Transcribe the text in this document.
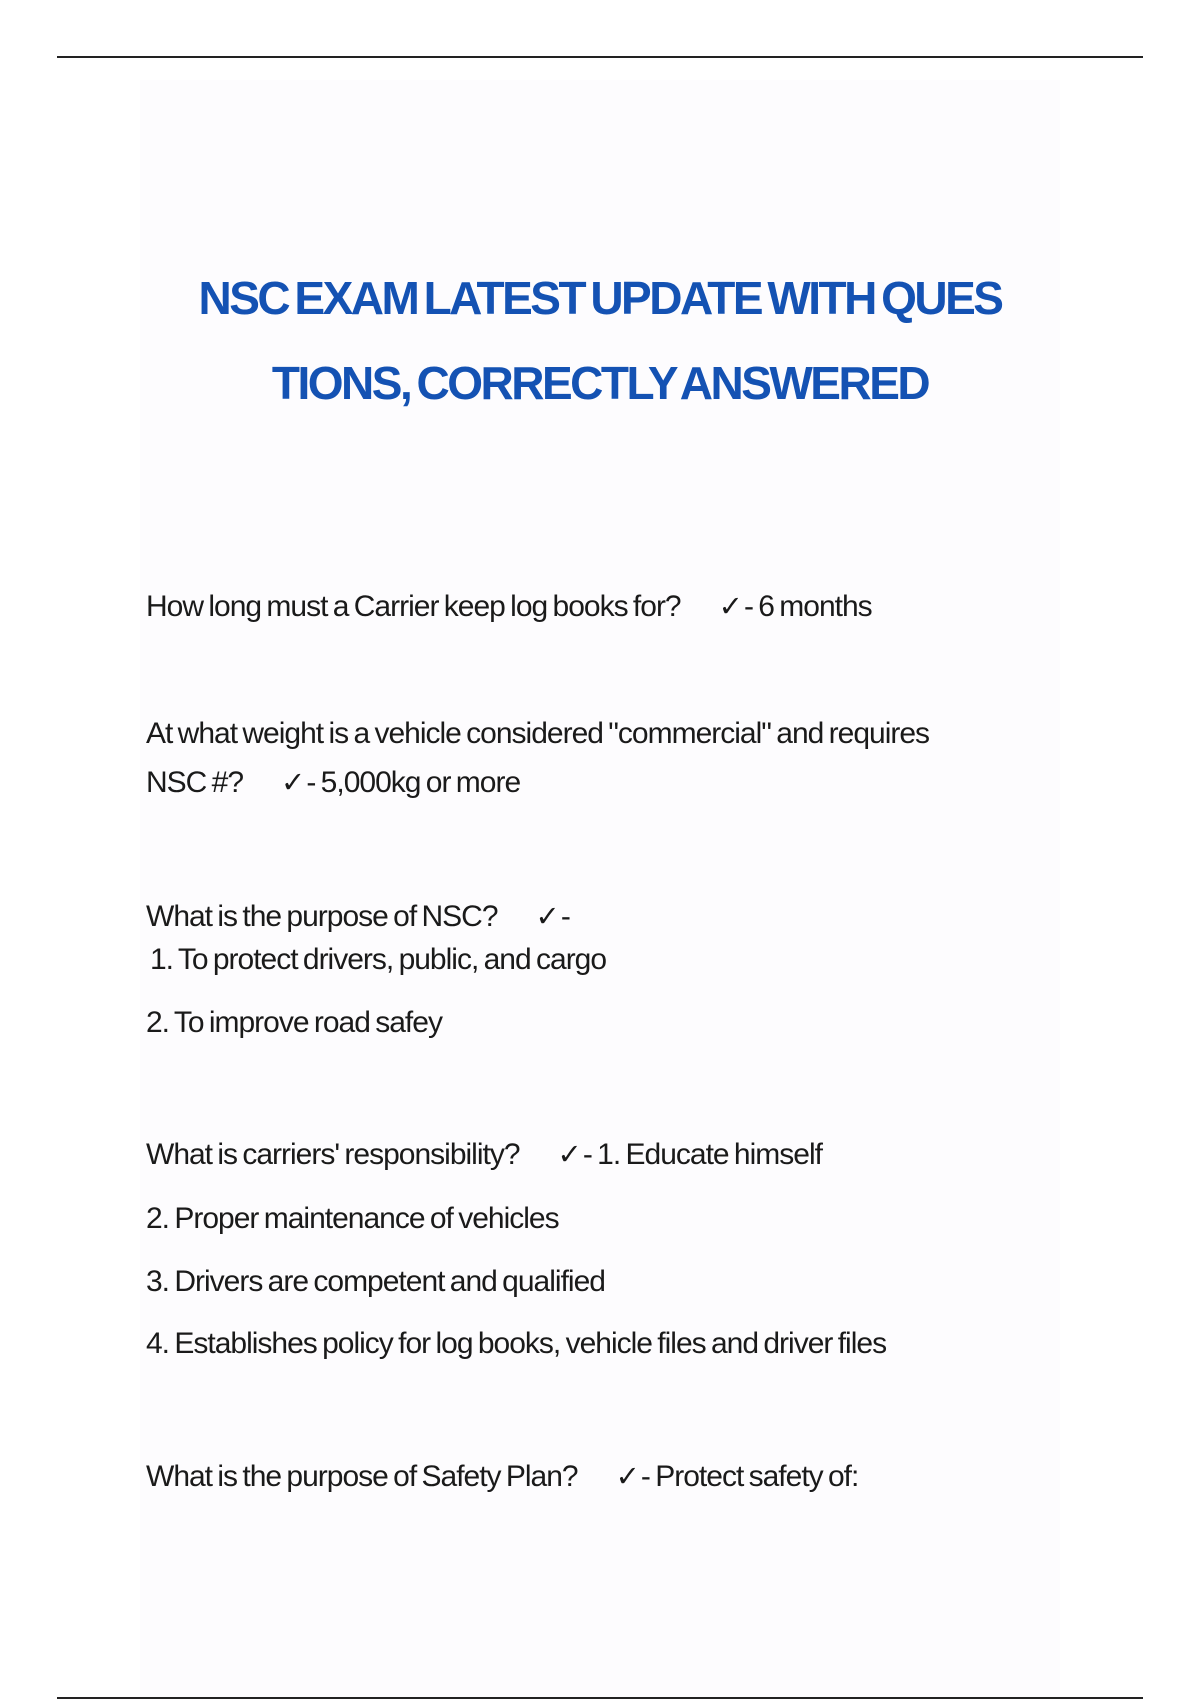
NSC EXAM LATEST UPDATE WITH QUES
TIONS, CORRECTLY ANSWERED

How long must a Carrier keep log books for? ✓- 6 months

At what weight is a vehicle considered "commercial" and requires

NSC #? ✓- 5,000kg or more

What is the purpose of NSC? ✓-

1. To protect drivers, public, and cargo

2. To improve road safey

What is carriers' responsibility? ✓- 1. Educate himself

2. Proper maintenance of vehicles

3. Drivers are competent and qualified

4. Establishes policy for log books, vehicle files and driver files

What is the purpose of Safety Plan? ✓- Protect safety of:
